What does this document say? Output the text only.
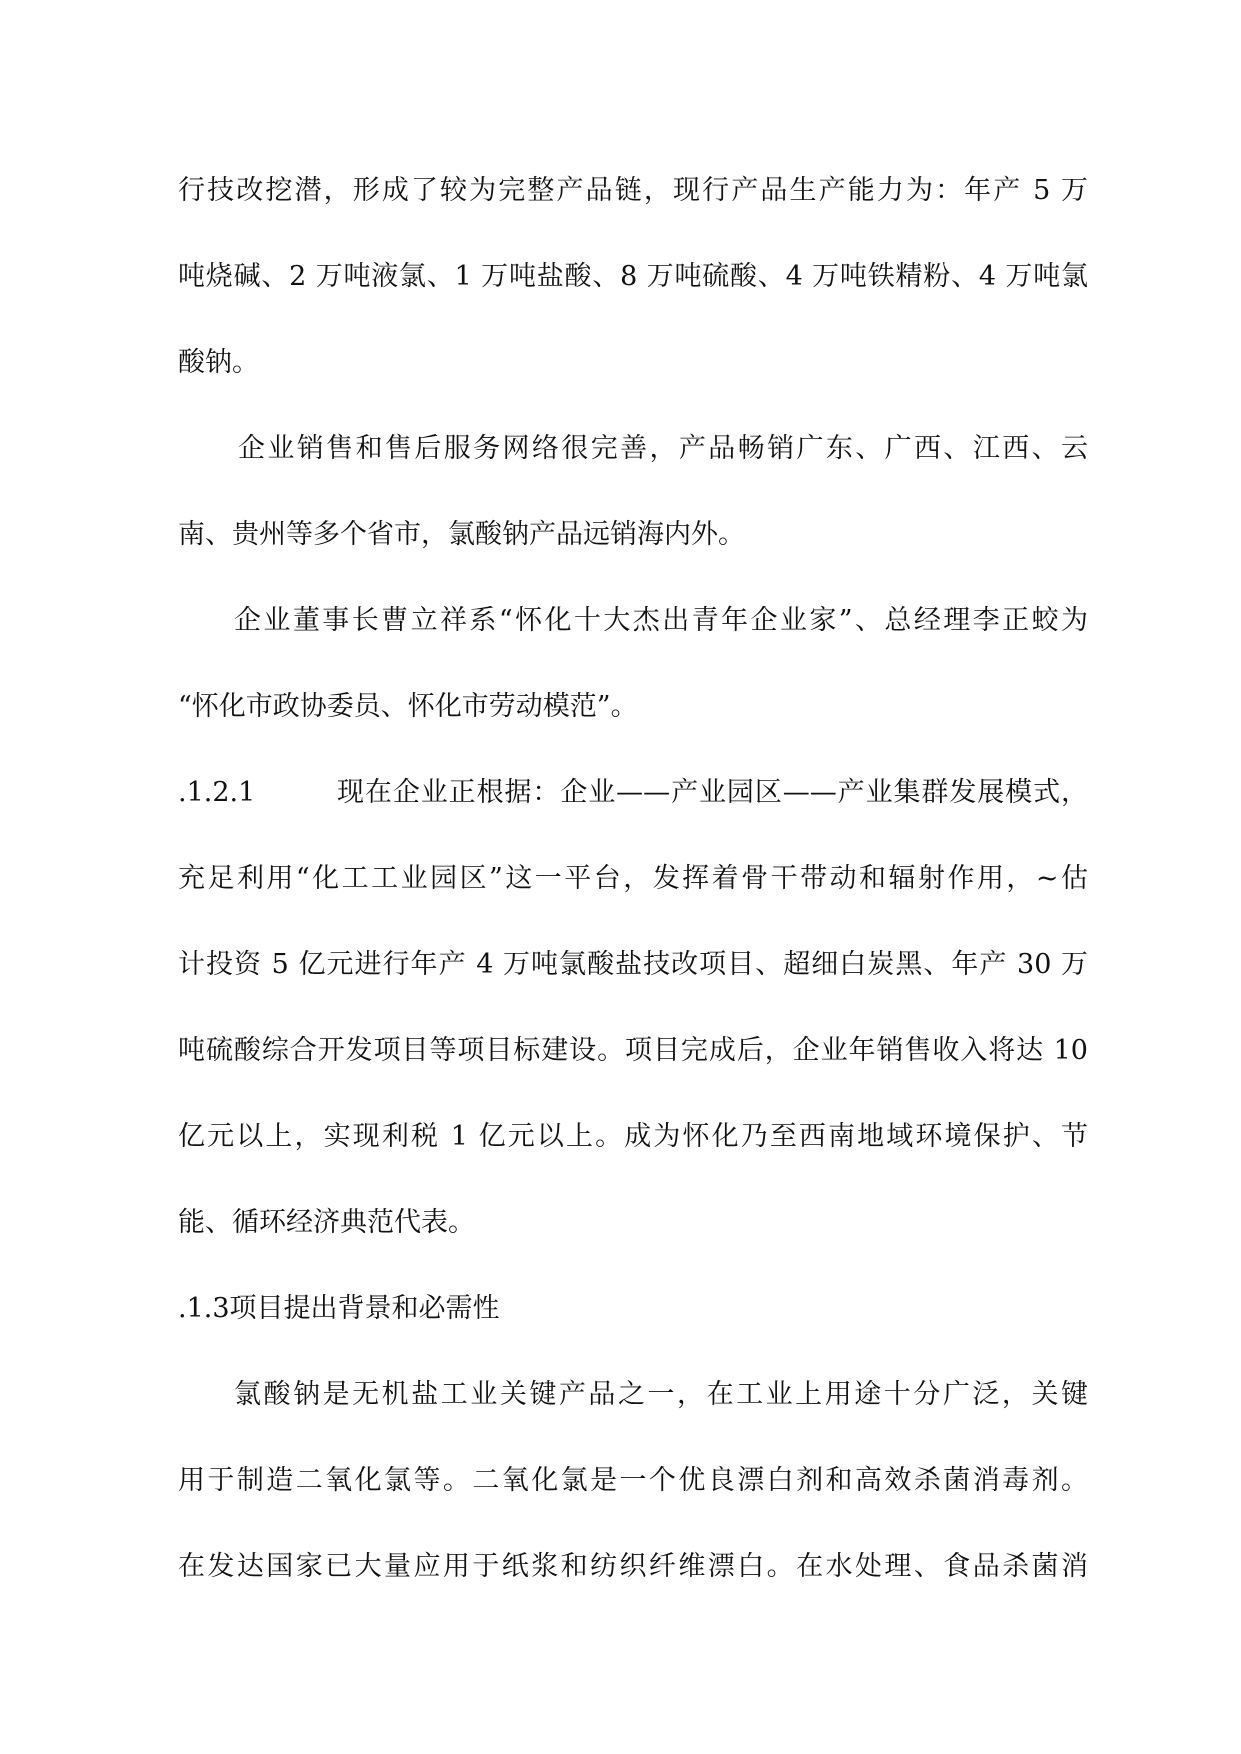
行技改挖潜，形成了较为完整产品链，现行产品生产能力为：年产 5 万
吨烧碱、2 万吨液氯、1 万吨盐酸、8 万吨硫酸、4 万吨铁精粉、4 万吨氯
酸钠。
企业销售和售后服务网络很完善，产品畅销广东、广西、江西、云
南、贵州等多个省市，氯酸钠产品远销海内外。
企业董事长曹立祥系“怀化十大杰出青年企业家”、总经理李正蛟为
“怀化市政协委员、怀化市劳动模范”。
.1.2.1	现在企业正根据：企业——产业园区——产业集群发展模式，
充足利用“化工工业园区”这一平台，发挥着骨干带动和辐射作用，~估
计投资 5 亿元进行年产 4 万吨氯酸盐技改项目、超细白炭黑、年产 30 万
吨硫酸综合开发项目等项目标建设。项目完成后，企业年销售收入将达 10
亿元以上，实现利税 1 亿元以上。成为怀化乃至西南地域环境保护、节
能、循环经济典范代表。
.1.3项目提出背景和必需性
氯酸钠是无机盐工业关键产品之一，在工业上用途十分广泛，关键
用于制造二氧化氯等。二氧化氯是一个优良漂白剂和高效杀菌消毒剂。
在发达国家已大量应用于纸浆和纺织纤维漂白。在水处理、食品杀菌消
